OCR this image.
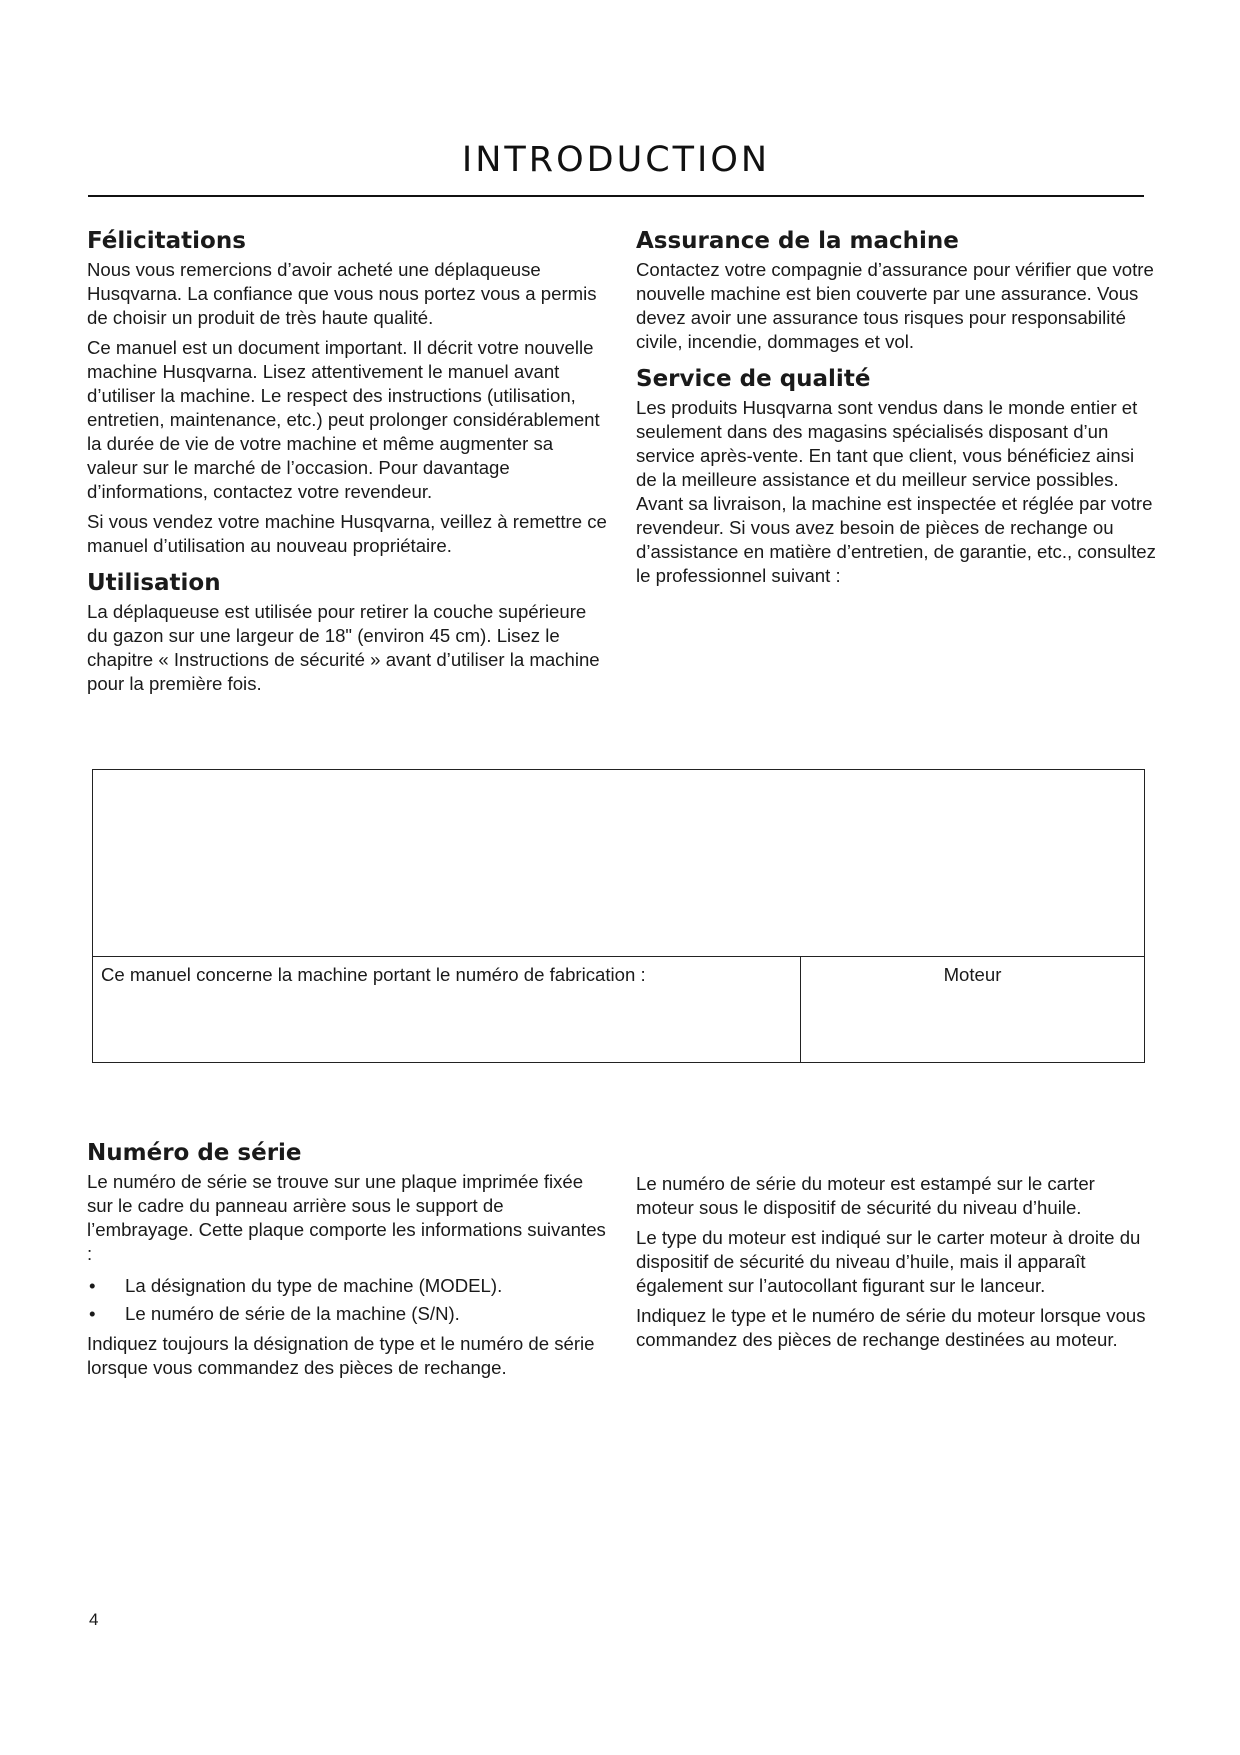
INTRODUCTION
Félicitations

Nous vous remercions d’avoir acheté une déplaqueuse Husqvarna. La confiance que vous nous portez vous a permis de choisir un produit de très haute qualité.

Ce manuel est un document important. Il décrit votre nouvelle machine Husqvarna. Lisez attentivement le manuel avant d’utiliser la machine. Le respect des instructions (utilisation, entretien, maintenance, etc.) peut prolonger considérablement la durée de vie de votre machine et même augmenter sa valeur sur le marché de l’occasion. Pour davantage d’informations, contactez votre revendeur.

Si vous vendez votre machine Husqvarna, veillez à remettre ce manuel d’utilisation au nouveau propriétaire.

Utilisation

La déplaqueuse est utilisée pour retirer la couche supérieure du gazon sur une largeur de 18" (environ 45 cm). Lisez le chapitre « Instructions de sécurité » avant d’utiliser la machine pour la première fois.

Assurance de la machine

Contactez votre compagnie d’assurance pour vérifier que votre nouvelle machine est bien couverte par une assurance. Vous devez avoir une assurance tous risques pour responsabilité civile, incendie, dommages et vol.

Service de qualité

Les produits Husqvarna sont vendus dans le monde entier et seulement dans des magasins spécialisés disposant d’un service après-vente. En tant que client, vous bénéficiez ainsi de la meilleure assistance et du meilleur service possibles. Avant sa livraison, la machine est inspectée et réglée par votre revendeur. Si vous avez besoin de pièces de rechange ou d’assistance en matière d’entretien, de garantie, etc., consultez le professionnel suivant :

Ce manuel concerne la machine portant le numéro de fabrication :	Moteur
Numéro de série

Le numéro de série se trouve sur une plaque imprimée fixée sur le cadre du panneau arrière sous le support de l’embrayage. Cette plaque comporte les informations suivantes :

• La désignation du type de machine (MODEL).
• Le numéro de série de la machine (S/N).

Indiquez toujours la désignation de type et le numéro de série lorsque vous commandez des pièces de rechange.

Le numéro de série du moteur est estampé sur le carter moteur sous le dispositif de sécurité du niveau d’huile.

Le type du moteur est indiqué sur le carter moteur à droite du dispositif de sécurité du niveau d’huile, mais il apparaît également sur l’autocollant figurant sur le lanceur.

Indiquez le type et le numéro de série du moteur lorsque vous commandez des pièces de rechange destinées au moteur.

4
